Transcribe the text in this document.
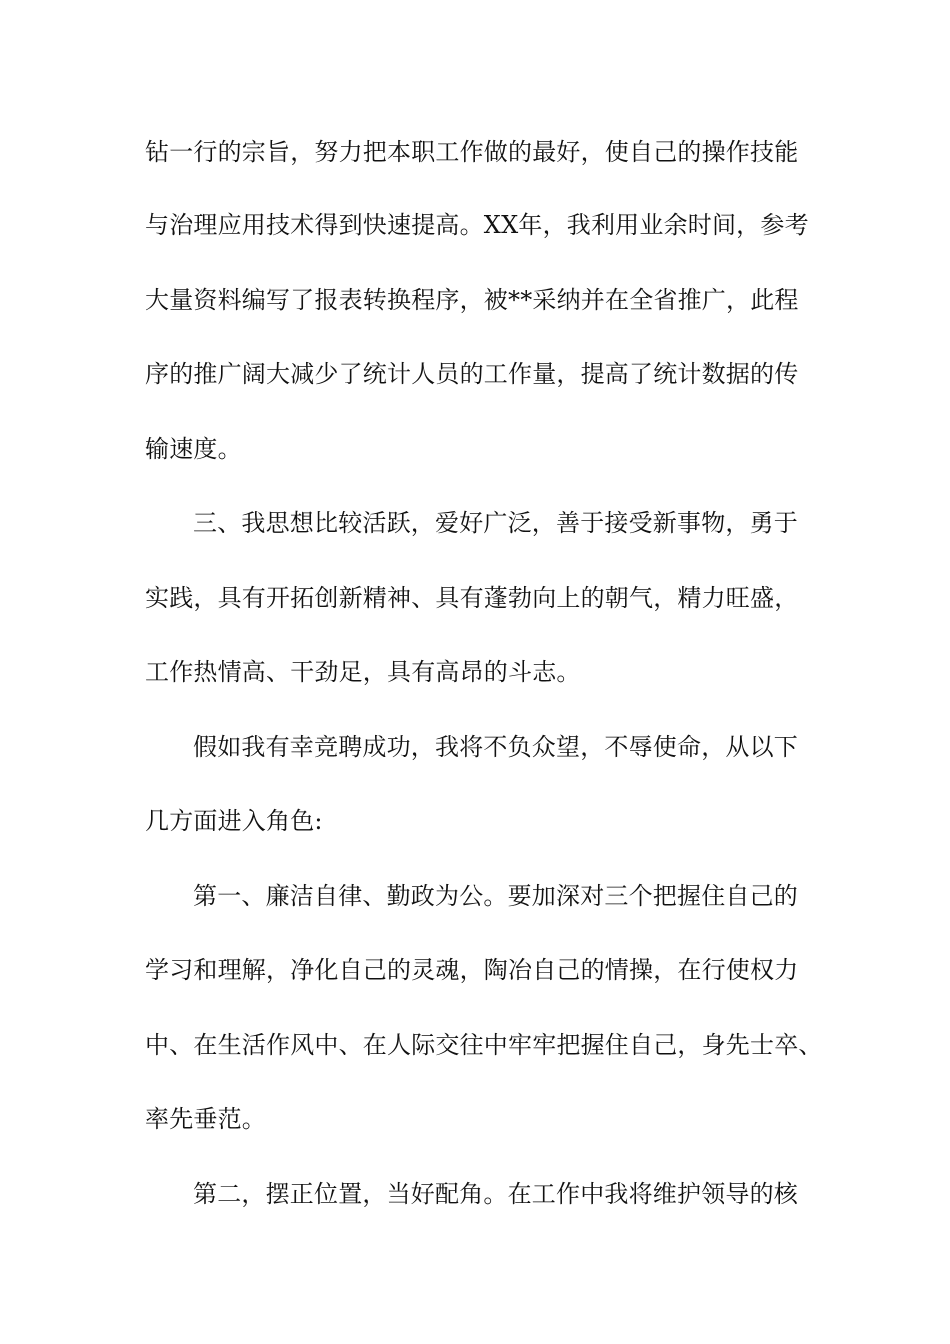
钻一行的宗旨，努力把本职工作做的最好，使自己的操作技能

与治理应用技术得到快速提高。XX年，我利用业余时间，参考

大量资料编写了报表转换程序，被**采纳并在全省推广，此程

序的推广阔大减少了统计人员的工作量，提高了统计数据的传

输速度。

三、我思想比较活跃，爱好广泛，善于接受新事物，勇于

实践，具有开拓创新精神、具有蓬勃向上的朝气，精力旺盛，

工作热情高、干劲足，具有高昂的斗志。

假如我有幸竞聘成功，我将不负众望，不辱使命，从以下

几方面进入角色:

第一、廉洁自律、勤政为公。要加深对三个把握住自己的

学习和理解，净化自己的灵魂，陶冶自己的情操，在行使权力

中、在生活作风中、在人际交往中牢牢把握住自己，身先士卒、

率先垂范。

第二，摆正位置，当好配角。在工作中我将维护领导的核
